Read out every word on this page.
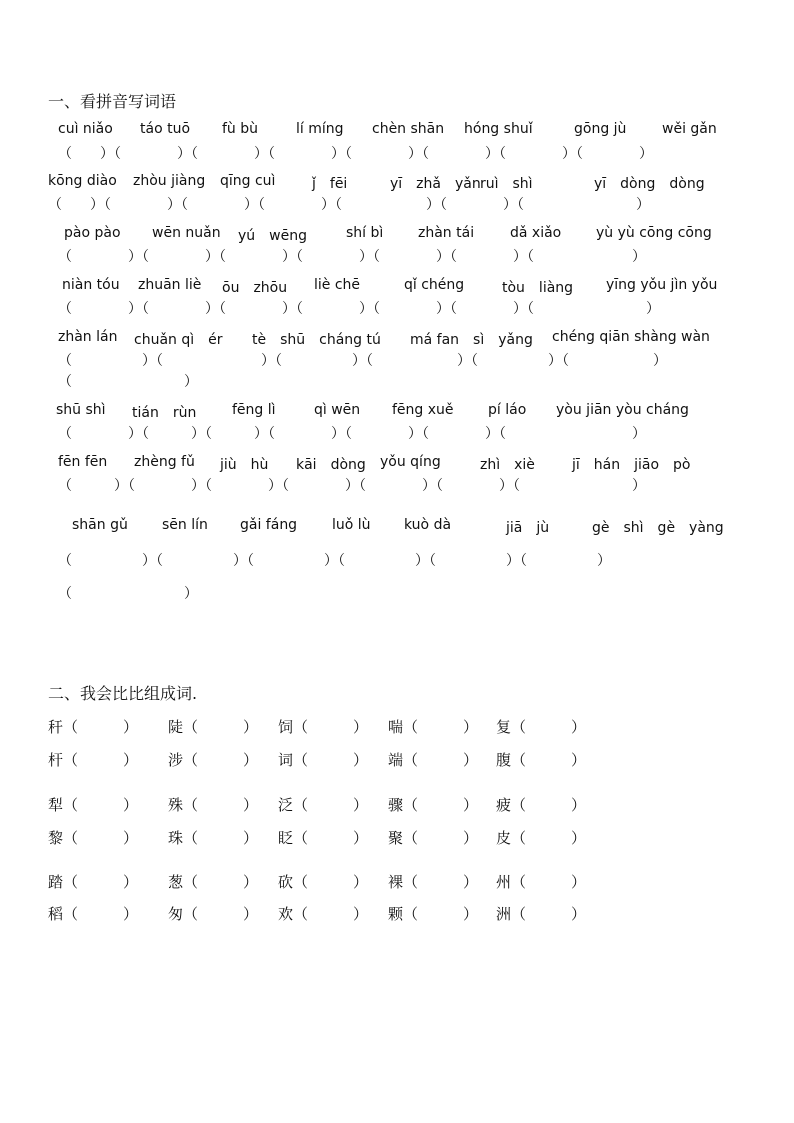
一、看拼音写词语
cuì niǎo táo tuō fù bù	lí míng chèn shān hóng shuǐ	gōng jù	wěi gǎn
（　　）（　　　　）（　　　　）（　　　　）（　　　　）（　　　　）（　　　　）（　　　　）
kōng diào zhòu jiàng qīng cuì	ǰ　fēi	yī　zhǎ　yǎn ruì　shì	yī　dòng　dòng
（　　）（　　　　）（　　　　）（　　　　）（　　　　　　）（　　　　）（　　　　　　　　）
pào pào wēn nuǎn yú　wēng	shí bì zhàn tái	dǎ xiǎo yù yù cōng cōng
（　　　　）（　　　　）（　　　　）（　　　　）（　　　　）（　　　　）（　　　　　　　）
niàn tóu zhuān liè ōu　zhōu liè chē	qǐ chéng	tòu　liàng yīng yǒu jìn yǒu
（　　　　）（　　　　）（　　　　）（　　　　）（　　　　）（　　　　）（　　　　　　　　）
zhàn lán chuǎn qì　ér tè　shū　cháng tú má fan　sì　yǎng chéng qiān shàng wàn
（　　　　　）（　　　　　　　）（　　　　　）（　　　　　　）（　　　　　）（　　　　　　）
（　　　　　　　　）
shū shì tián　rùn	fēng lì	qì wēn fēng xuě pí láo yòu jiān yòu cháng
（　　　　）（　　　）（　　　）（　　　　）（　　　　）（　　　　）（　　　　　　　　　）
fēn fēn zhèng fǔ jiù　hù kāi　dòng yǒu qíng	zhì　xiè	jī　hán　jiāo　pò
（　　　）（　　　　）（　　　　）（　　　　）（　　　　）（　　　　）（　　　　　　　　）
shān gǔ sēn lín gǎi fáng luǒ lù kuò dà	jiā　jù	gè　shì　gè　yàng
（　　　　　）（　　　　　）（　　　　　）（　　　　　）（　　　　　）（　　　　　）
（　　　　　　　　）
二、我会比比组成词.
秆（　　　） 陡（　　　） 饲（　　　） 喘（　　　） 复（　　　）
杆（　　　） 涉（　　　） 词（　　　） 端（　　　） 腹（　　　）
犁（　　　） 殊（　　　） 泛（　　　） 骤（　　　） 疲（　　　）
黎（　　　） 珠（　　　） 眨（　　　） 聚（　　　） 皮（　　　）
踏（　　　） 葱（　　　） 砍（　　　） 裸（　　　） 州（　　　）
稻（　　　） 匆（　　　） 欢（　　　） 颗（　　　） 洲（　　　）
